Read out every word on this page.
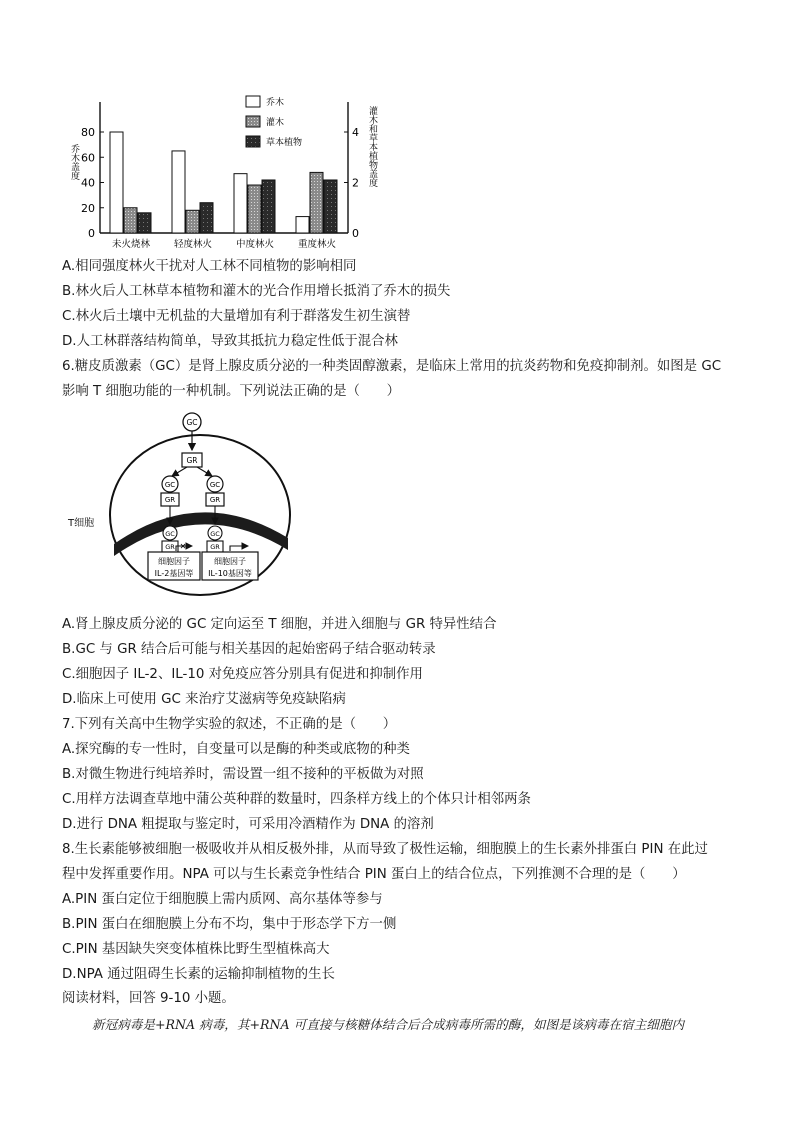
80
60
40
20
0
4
2
0
乔木盖度	灌木和草本植物盖度
未火烧林	轻度林火	中度林火	重度林火
乔木
灌木
草本植物
A.相同强度林火干扰对人工林不同植物的影响相同
B.林火后人工林草本植物和灌木的光合作用增长抵消了乔木的损失
C.林火后土壤中无机盐的大量增加有利于群落发生初生演替
D.人工林群落结构简单，导致其抵抗力稳定性低于混合林
6.糖皮质激素（GC）是肾上腺皮质分泌的一种类固醇激素，是临床上常用的抗炎药物和免疫抑制剂。如图是 GC
影响 T 细胞功能的一种机制。下列说法正确的是（　　）
T细胞
GC
GR
GC
GR
GC
GR
GC
GR
GC
GR
细胞因子
IL-2基因等
细胞因子
IL-10基因等
✕
A.肾上腺皮质分泌的 GC 定向运至 T 细胞，并进入细胞与 GR 特异性结合
B.GC 与 GR 结合后可能与相关基因的起始密码子结合驱动转录
C.细胞因子 IL-2、IL-10 对免疫应答分别具有促进和抑制作用
D.临床上可使用 GC 来治疗艾滋病等免疫缺陷病
7.下列有关高中生物学实验的叙述，不正确的是（　　）
A.探究酶的专一性时，自变量可以是酶的种类或底物的种类
B.对微生物进行纯培养时，需设置一组不接种的平板做为对照
C.用样方法调查草地中蒲公英种群的数量时，四条样方线上的个体只计相邻两条
D.进行 DNA 粗提取与鉴定时，可采用冷酒精作为 DNA 的溶剂
8.生长素能够被细胞一极吸收并从相反极外排，从而导致了极性运输，细胞膜上的生长素外排蛋白 PIN 在此过
程中发挥重要作用。NPA 可以与生长素竞争性结合 PIN 蛋白上的结合位点，下列推测不合理的是（　　）
A.PIN 蛋白定位于细胞膜上需内质网、高尔基体等参与
B.PIN 蛋白在细胞膜上分布不均，集中于形态学下方一侧
C.PIN 基因缺失突变体植株比野生型植株高大
D.NPA 通过阻碍生长素的运输抑制植物的生长
阅读材料，回答 9-10 小题。
新冠病毒是+RNA 病毒，其+RNA 可直接与核糖体结合后合成病毒所需的酶，如图是该病毒在宿主细胞内
